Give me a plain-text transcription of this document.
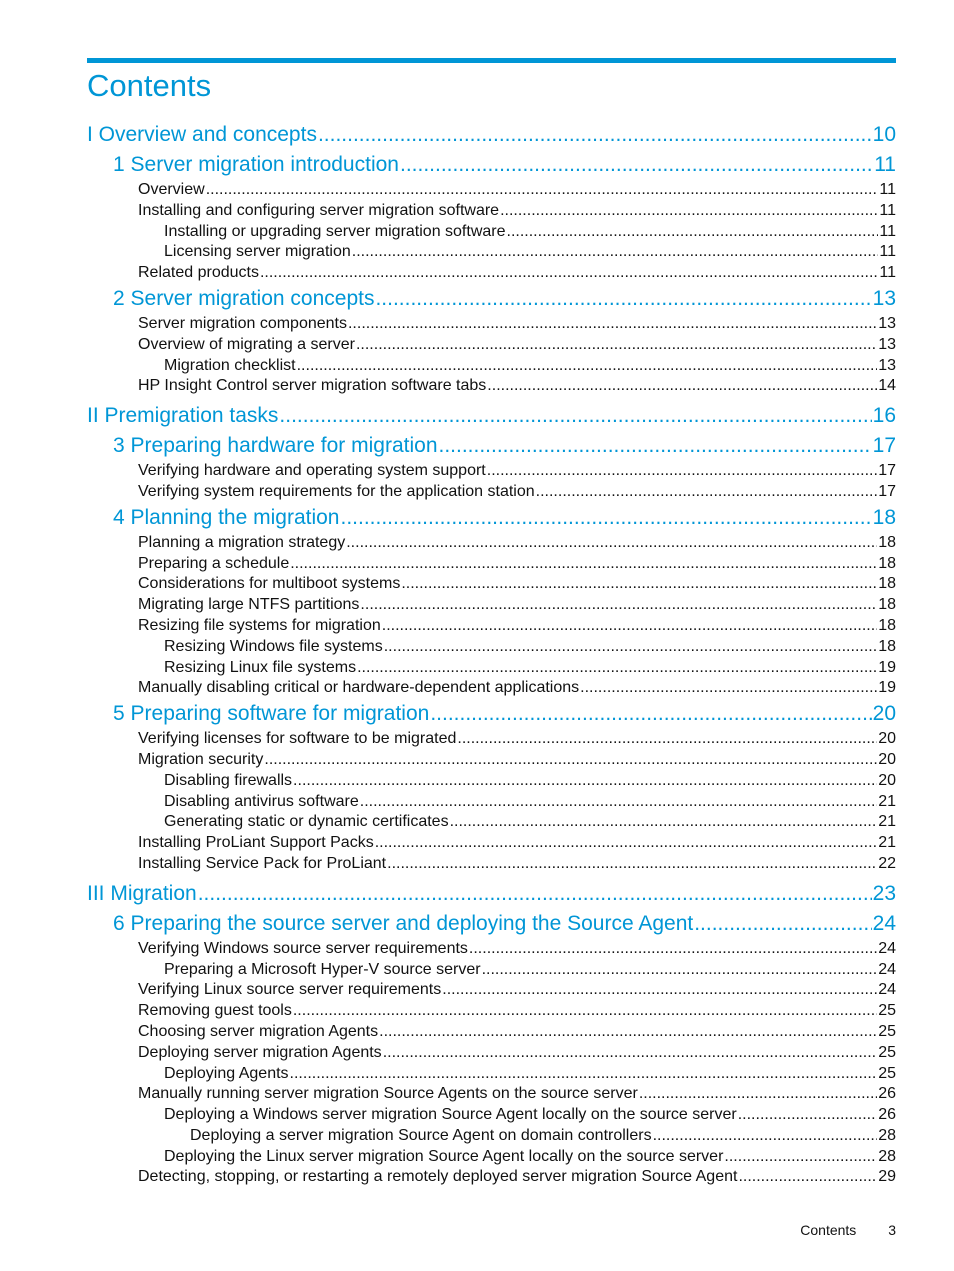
Contents
I Overview and concepts .....	10
1 Server migration introduction .....	11
Overview .....	11
Installing and configuring server migration software .....	11
Installing or upgrading server migration software .....	11
Licensing server migration .....	11
Related products .....	11
2 Server migration concepts .....	13
Server migration components .....	13
Overview of migrating a server .....	13
Migration checklist .....	13
HP Insight Control server migration software tabs .....	14
II Premigration tasks .....	16
3 Preparing hardware for migration .....	17
Verifying hardware and operating system support .....	17
Verifying system requirements for the application station .....	17
4 Planning the migration .....	18
Planning a migration strategy .....	18
Preparing a schedule .....	18
Considerations for multiboot systems .....	18
Migrating large NTFS partitions .....	18
Resizing file systems for migration .....	18
Resizing Windows file systems .....	18
Resizing Linux file systems .....	19
Manually disabling critical or hardware-dependent applications .....	19
5 Preparing software for migration .....	20
Verifying licenses for software to be migrated .....	20
Migration security .....	20
Disabling firewalls .....	20
Disabling antivirus software .....	21
Generating static or dynamic certificates .....	21
Installing ProLiant Support Packs .....	21
Installing Service Pack for ProLiant .....	22
III Migration .....	23
6 Preparing the source server and deploying the Source Agent .....	24
Verifying Windows source server requirements .....	24
Preparing a Microsoft Hyper-V source server .....	24
Verifying Linux source server requirements .....	24
Removing guest tools .....	25
Choosing server migration Agents .....	25
Deploying server migration Agents .....	25
Deploying Agents .....	25
Manually running server migration Source Agents on the source server .....	26
Deploying a Windows server migration Source Agent locally on the source server .....	26
Deploying a server migration Source Agent on domain controllers .....	28
Deploying the Linux server migration Source Agent locally on the source server .....	28
Detecting, stopping, or restarting a remotely deployed server migration Source Agent .....	29
Contents 3
